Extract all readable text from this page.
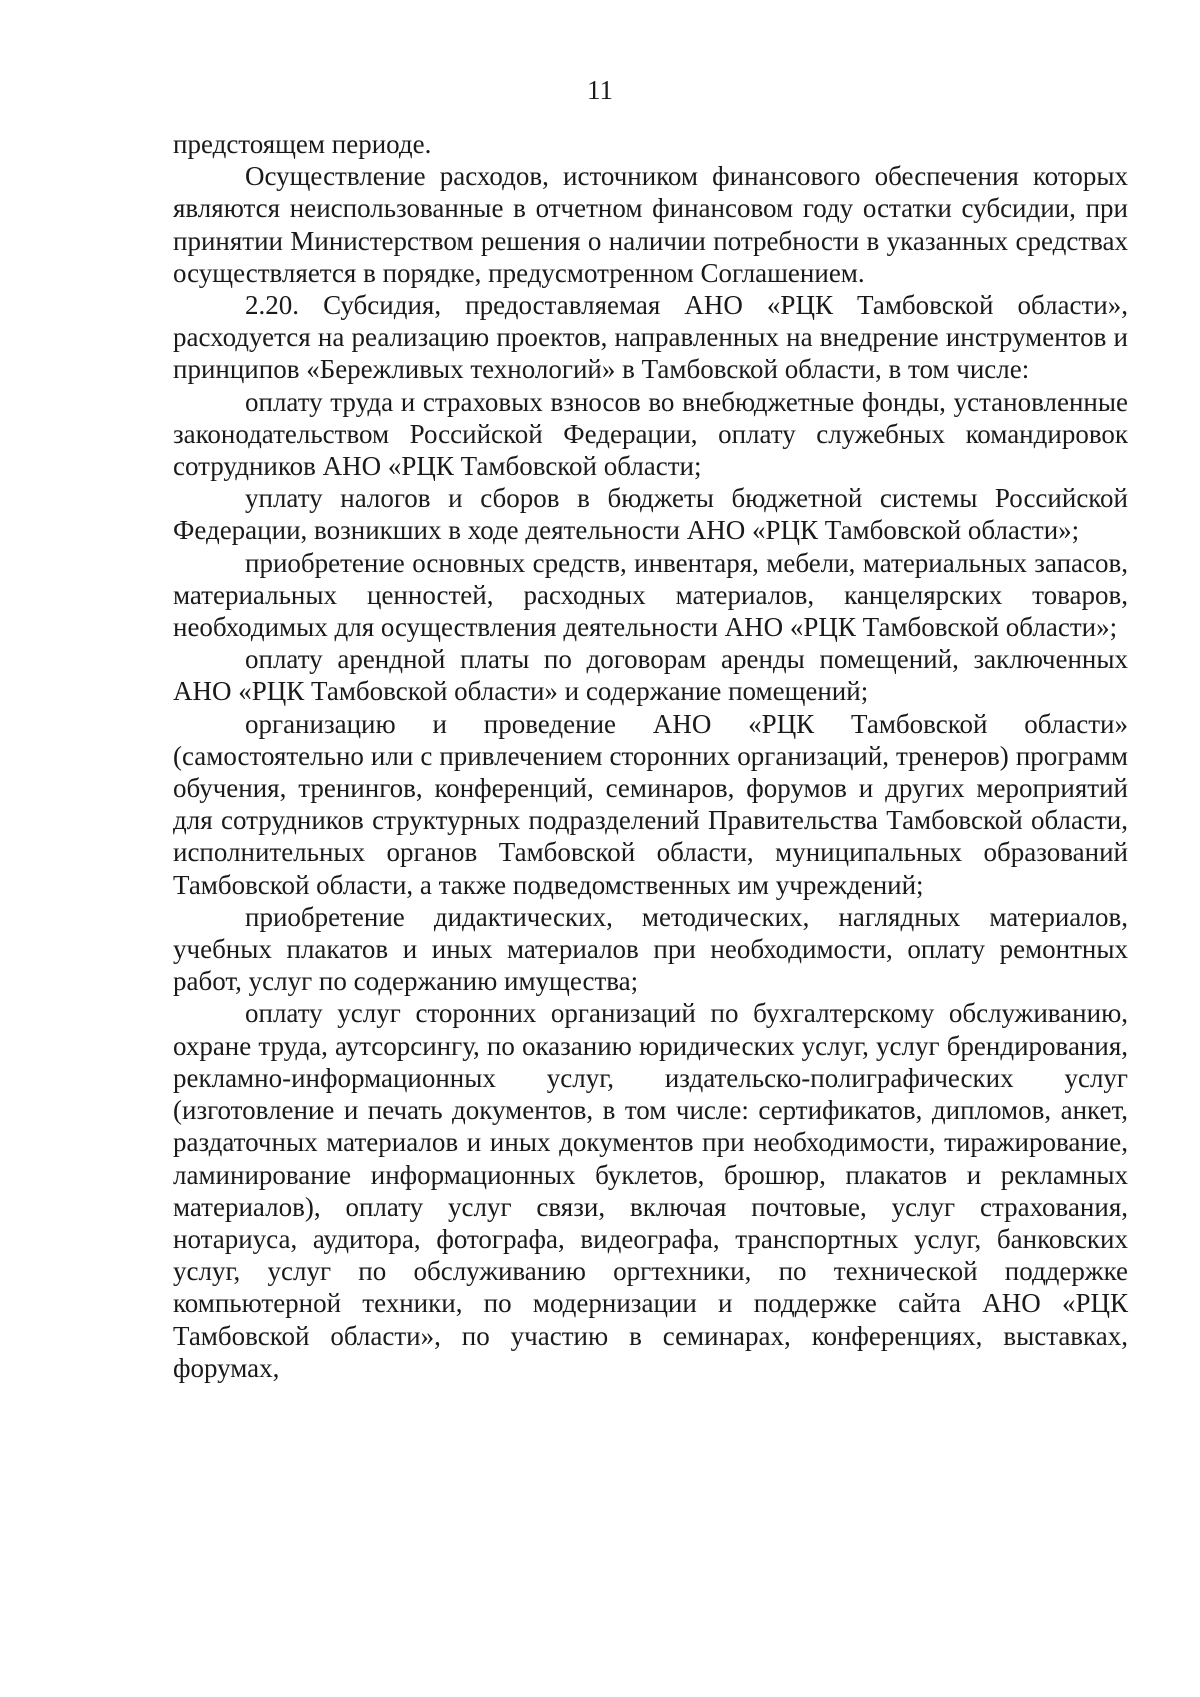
11

предстоящем периоде.

Осуществление расходов, источником финансового обеспечения которых являются неиспользованные в отчетном финансовом году остатки субсидии, при принятии Министерством решения о наличии потребности в указанных средствах осуществляется в порядке, предусмотренном Соглашением.

2.20. Субсидия, предоставляемая АНО «РЦК Тамбовской области», расходуется на реализацию проектов, направленных на внедрение инструментов и принципов «Бережливых технологий» в Тамбовской области, в том числе:

оплату труда и страховых взносов во внебюджетные фонды, установленные законодательством Российской Федерации, оплату служебных командировок сотрудников АНО «РЦК Тамбовской области;

уплату налогов и сборов в бюджеты бюджетной системы Российской Федерации, возникших в ходе деятельности АНО «РЦК Тамбовской области»;

приобретение основных средств, инвентаря, мебели, материальных запасов, материальных ценностей, расходных материалов, канцелярских товаров, необходимых для осуществления деятельности АНО «РЦК Тамбовской области»;

оплату арендной платы по договорам аренды помещений, заключенных АНО «РЦК Тамбовской области» и содержание помещений;

организацию и проведение АНО «РЦК Тамбовской области» (самостоятельно или с привлечением сторонних организаций, тренеров) программ обучения, тренингов, конференций, семинаров, форумов и других мероприятий для сотрудников структурных подразделений Правительства Тамбовской области, исполнительных органов Тамбовской области, муниципальных образований Тамбовской области, а также подведомственных им учреждений;

приобретение дидактических, методических, наглядных материалов, учебных плакатов и иных материалов при необходимости, оплату ремонтных работ, услуг по содержанию имущества;

оплату услуг сторонних организаций по бухгалтерскому обслуживанию, охране труда, аутсорсингу, по оказанию юридических услуг, услуг брендирования, рекламно-информационных услуг, издательско-полиграфических услуг (изготовление и печать документов, в том числе: сертификатов, дипломов, анкет, раздаточных материалов и иных документов при необходимости, тиражирование, ламинирование информационных буклетов, брошюр, плакатов и рекламных материалов), оплату услуг связи, включая почтовые, услуг страхования, нотариуса, аудитора, фотографа, видеографа, транспортных услуг, банковских услуг, услуг по обслуживанию оргтехники, по технической поддержке компьютерной техники, по модернизации и поддержке сайта АНО «РЦК Тамбовской области», по участию в семинарах, конференциях, выставках, форумах,
